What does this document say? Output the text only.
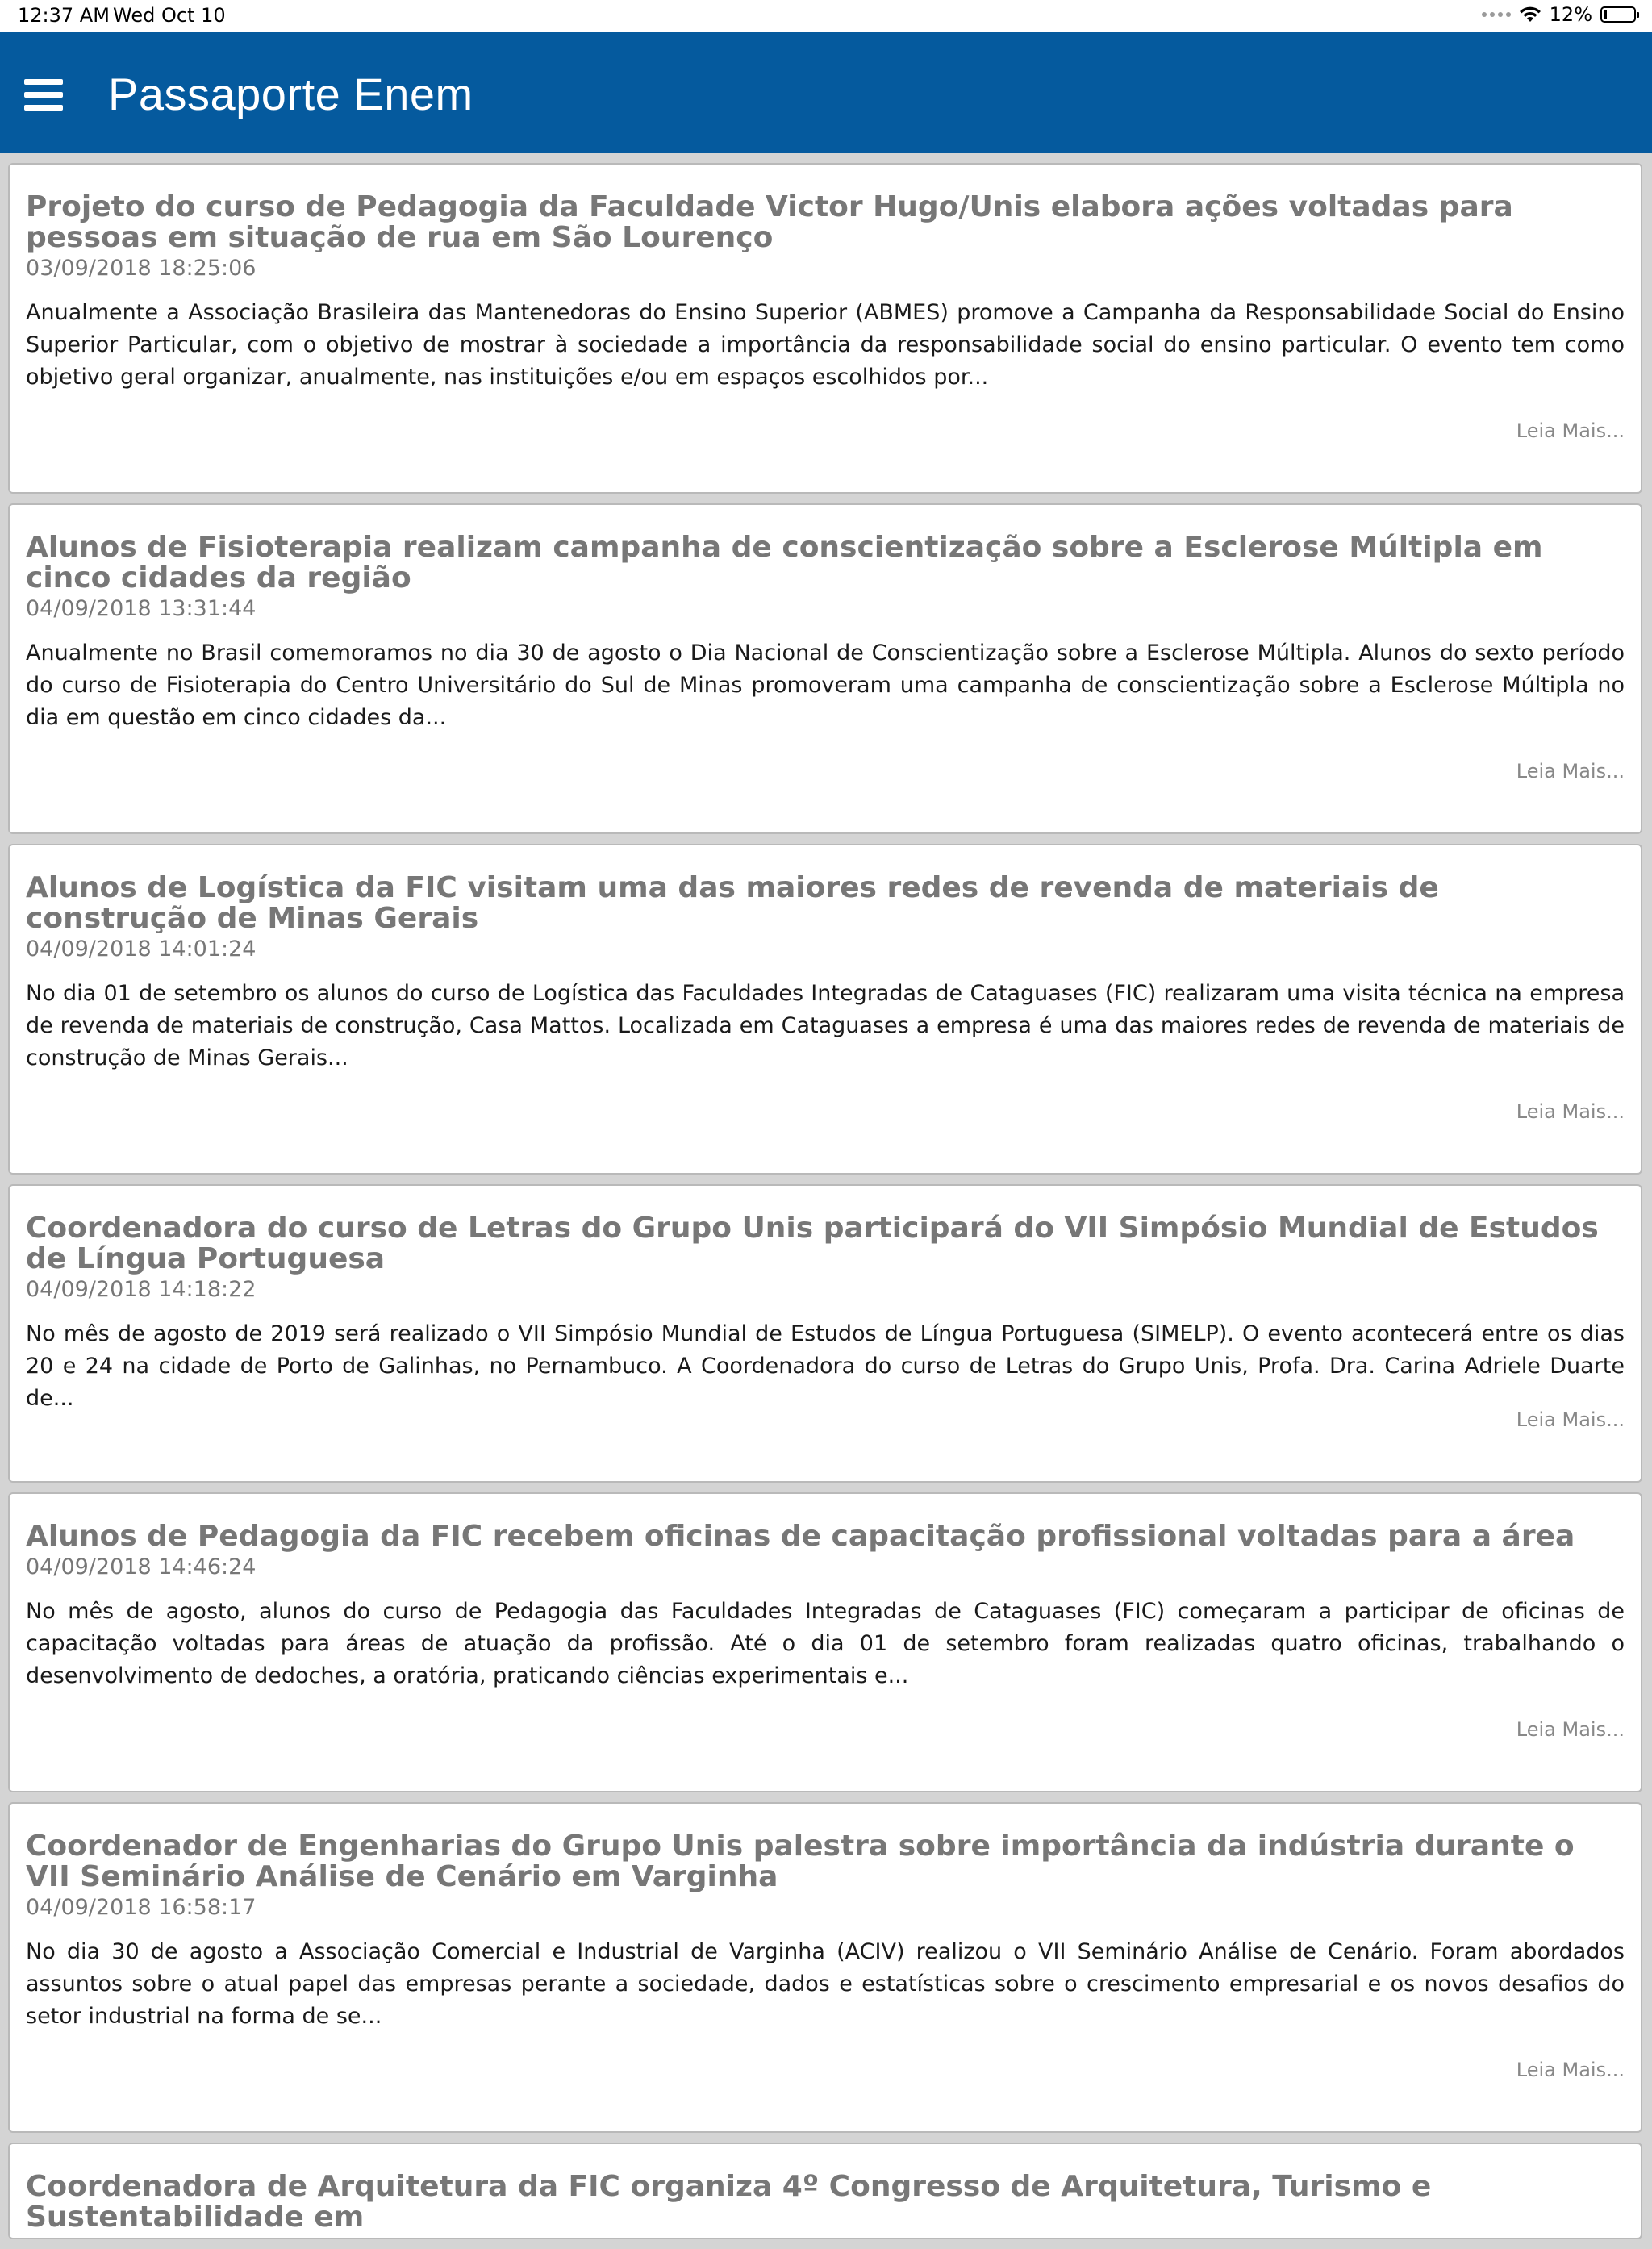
12:37 AM Wed Oct 10	12%
Passaporte Enem
Projeto do curso de Pedagogia da Faculdade Victor Hugo/Unis elabora ações voltadas para pessoas em situação de rua em São Lourenço
03/09/2018 18:25:06
Anualmente a Associação Brasileira das Mantenedoras do Ensino Superior (ABMES) promove a Campanha da Responsabilidade Social do Ensino Superior Particular, com o objetivo de mostrar à sociedade a importância da responsabilidade social do ensino particular. O evento tem como objetivo geral organizar, anualmente, nas instituições e/ou em espaços escolhidos por...
Leia Mais...
Alunos de Fisioterapia realizam campanha de conscientização sobre a Esclerose Múltipla em cinco cidades da região
04/09/2018 13:31:44
Anualmente no Brasil comemoramos no dia 30 de agosto o Dia Nacional de Conscientização sobre a Esclerose Múltipla. Alunos do sexto período do curso de Fisioterapia do Centro Universitário do Sul de Minas promoveram uma campanha de conscientização sobre a Esclerose Múltipla no dia em questão em cinco cidades da...
Leia Mais...
Alunos de Logística da FIC visitam uma das maiores redes de revenda de materiais de construção de Minas Gerais
04/09/2018 14:01:24
No dia 01 de setembro os alunos do curso de Logística das Faculdades Integradas de Cataguases (FIC) realizaram uma visita técnica na empresa de revenda de materiais de construção, Casa Mattos. Localizada em Cataguases a empresa é uma das maiores redes de revenda de materiais de construção de Minas Gerais...
Leia Mais...
Coordenadora do curso de Letras do Grupo Unis participará do VII Simpósio Mundial de Estudos de Língua Portuguesa
04/09/2018 14:18:22
No mês de agosto de 2019 será realizado o VII Simpósio Mundial de Estudos de Língua Portuguesa (SIMELP). O evento acontecerá entre os dias 20 e 24 na cidade de Porto de Galinhas, no Pernambuco. A Coordenadora do curso de Letras do Grupo Unis, Profa. Dra. Carina Adriele Duarte de...
Leia Mais...
Alunos de Pedagogia da FIC recebem oficinas de capacitação profissional voltadas para a área
04/09/2018 14:46:24
No mês de agosto, alunos do curso de Pedagogia das Faculdades Integradas de Cataguases (FIC) começaram a participar de oficinas de capacitação voltadas para áreas de atuação da profissão. Até o dia 01 de setembro foram realizadas quatro oficinas, trabalhando o desenvolvimento de dedoches, a oratória, praticando ciências experimentais e...
Leia Mais...
Coordenador de Engenharias do Grupo Unis palestra sobre importância da indústria durante o VII Seminário Análise de Cenário em Varginha
04/09/2018 16:58:17
No dia 30 de agosto a Associação Comercial e Industrial de Varginha (ACIV) realizou o VII Seminário Análise de Cenário. Foram abordados assuntos sobre o atual papel das empresas perante a sociedade, dados e estatísticas sobre o crescimento empresarial e os novos desafios do setor industrial na forma de se...
Leia Mais...
Coordenadora de Arquitetura da FIC organiza 4º Congresso de Arquitetura, Turismo e Sustentabilidade em
